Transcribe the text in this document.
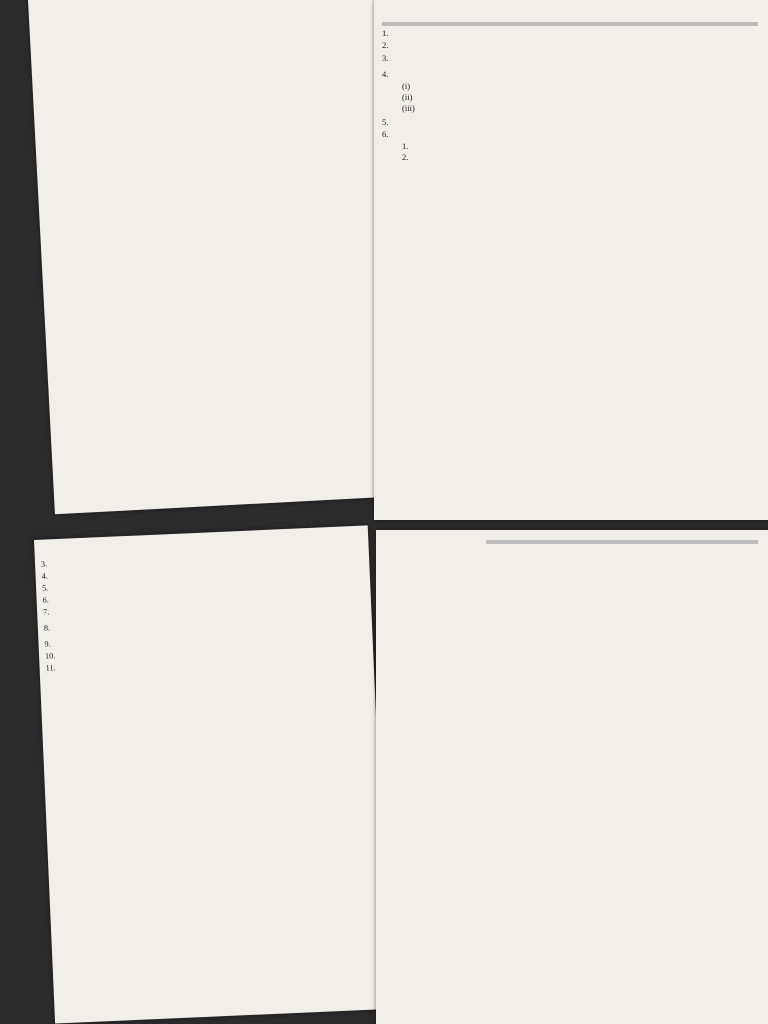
1.
2.
3.
4.
(i)
(ii)
(iii)
5.
6.
1.
2.
3.
4.
5.
6.
7.
8.
9.
10.
11.
